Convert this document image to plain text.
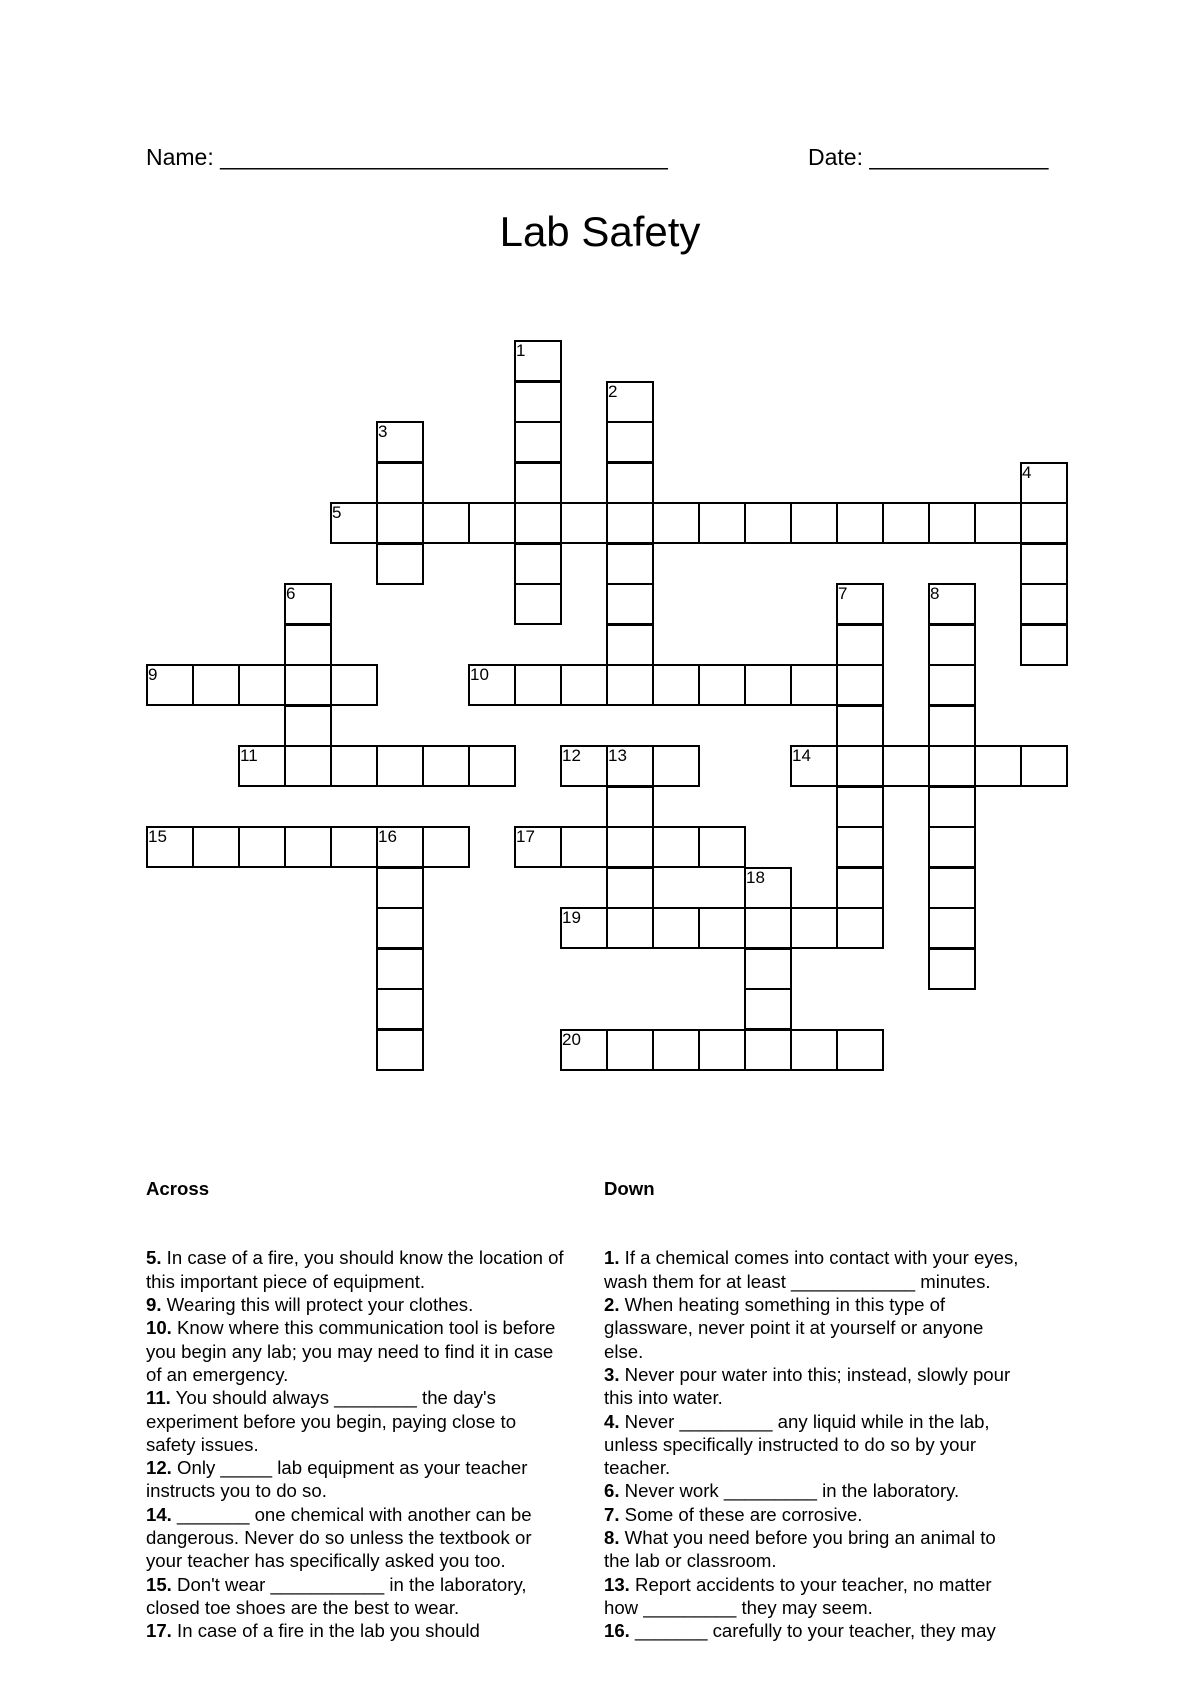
Name: ___________________________________	Date: ______________
Lab Safety
1
2
3
4
5
6	7	8
9	10
11	12 13	14
15	16	17
18
19
20

Across

5. In case of a fire, you should know the location of
this important piece of equipment.
9. Wearing this will protect your clothes.
10. Know where this communication tool is before
you begin any lab; you may need to find it in case
of an emergency.
11. You should always ________ the day's
experiment before you begin, paying close to
safety issues.
12. Only _____ lab equipment as your teacher
instructs you to do so.
14. _______ one chemical with another can be
dangerous. Never do so unless the textbook or
your teacher has specifically asked you too.
15. Don't wear ___________ in the laboratory,
closed toe shoes are the best to wear.
17. In case of a fire in the lab you should

Down

1. If a chemical comes into contact with your eyes,
wash them for at least ____________ minutes.
2. When heating something in this type of
glassware, never point it at yourself or anyone
else.
3. Never pour water into this; instead, slowly pour
this into water.
4. Never _________ any liquid while in the lab,
unless specifically instructed to do so by your
teacher.
6. Never work _________ in the laboratory.
7. Some of these are corrosive.
8. What you need before you bring an animal to
the lab or classroom.
13. Report accidents to your teacher, no matter
how _________ they may seem.
16. _______ carefully to your teacher, they may
